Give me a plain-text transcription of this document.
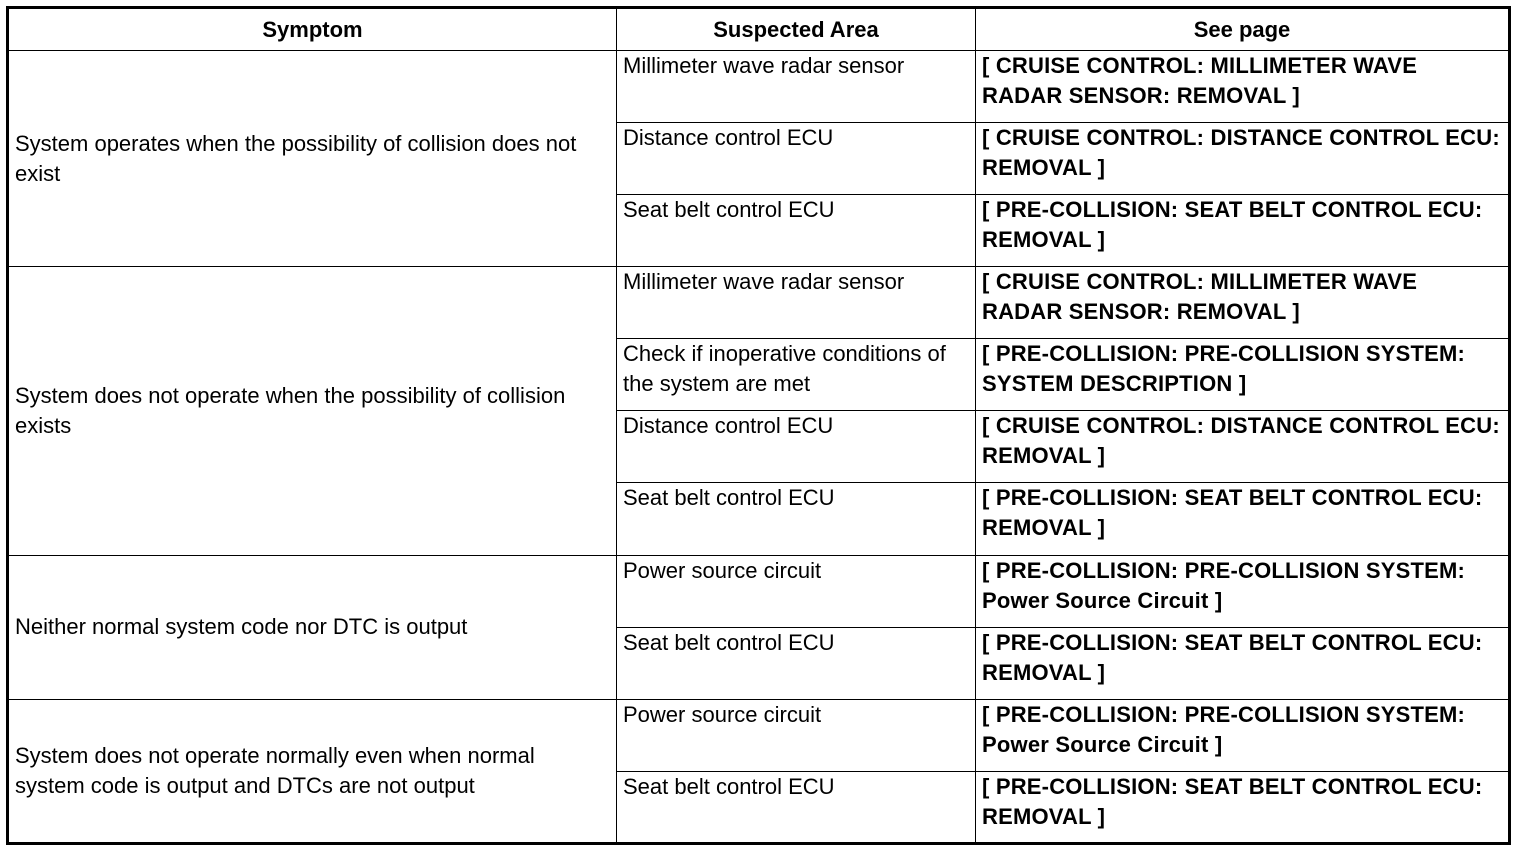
Symptom	Suspected Area	See page
System operates when the possibility of collision does not exist	Millimeter wave radar sensor	[ CRUISE CONTROL: MILLIMETER WAVE RADAR SENSOR: REMOVAL ]
	Distance control ECU	[ CRUISE CONTROL: DISTANCE CONTROL ECU: REMOVAL ]
	Seat belt control ECU	[ PRE-COLLISION: SEAT BELT CONTROL ECU: REMOVAL ]
System does not operate when the possibility of collision exists	Millimeter wave radar sensor	[ CRUISE CONTROL: MILLIMETER WAVE RADAR SENSOR: REMOVAL ]
	Check if inoperative conditions of the system are met	[ PRE-COLLISION: PRE-COLLISION SYSTEM: SYSTEM DESCRIPTION ]
	Distance control ECU	[ CRUISE CONTROL: DISTANCE CONTROL ECU: REMOVAL ]
	Seat belt control ECU	[ PRE-COLLISION: SEAT BELT CONTROL ECU: REMOVAL ]
Neither normal system code nor DTC is output	Power source circuit	[ PRE-COLLISION: PRE-COLLISION SYSTEM: Power Source Circuit ]
	Seat belt control ECU	[ PRE-COLLISION: SEAT BELT CONTROL ECU: REMOVAL ]
System does not operate normally even when normal system code is output and DTCs are not output	Power source circuit	[ PRE-COLLISION: PRE-COLLISION SYSTEM: Power Source Circuit ]
	Seat belt control ECU	[ PRE-COLLISION: SEAT BELT CONTROL ECU: REMOVAL ]
